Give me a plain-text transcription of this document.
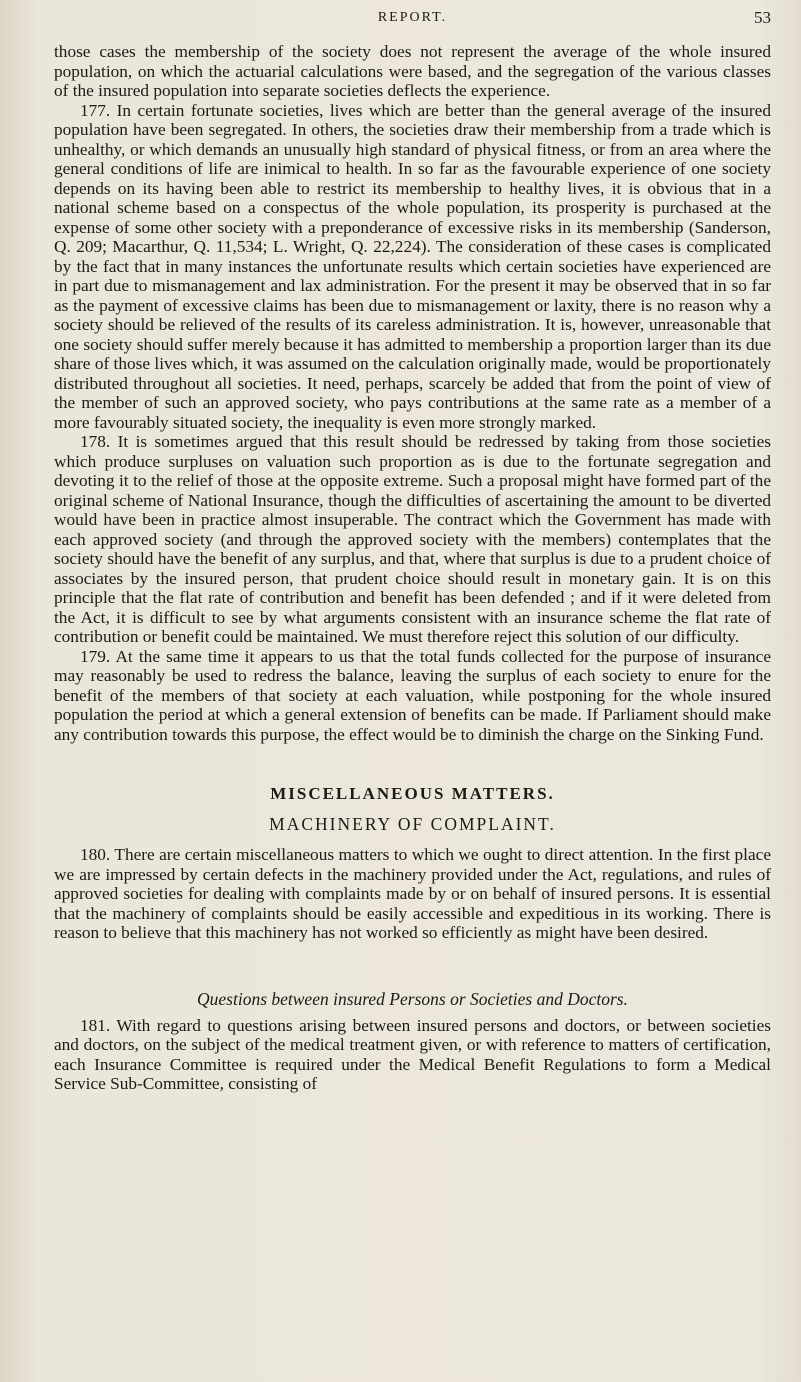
REPORT.	53

those cases the membership of the society does not represent the average of the whole insured population, on which the actuarial calculations were based, and the segregation of the various classes of the insured population into separate societies deflects the experience.

177. In certain fortunate societies, lives which are better than the general average of the insured population have been segregated. In others, the societies draw their membership from a trade which is unhealthy, or which demands an unusually high standard of physical fitness, or from an area where the general conditions of life are inimical to health. In so far as the favourable experience of one society depends on its having been able to restrict its membership to healthy lives, it is obvious that in a national scheme based on a conspectus of the whole population, its prosperity is purchased at the expense of some other society with a preponderance of excessive risks in its membership (Sanderson, Q. 209; Macarthur, Q. 11,534; L. Wright, Q. 22,224). The consideration of these cases is complicated by the fact that in many instances the unfortunate results which certain societies have experienced are in part due to mismanagement and lax administration. For the present it may be observed that in so far as the payment of excessive claims has been due to mismanagement or laxity, there is no reason why a society should be relieved of the results of its careless administration. It is, however, unreasonable that one society should suffer merely because it has admitted to membership a proportion larger than its due share of those lives which, it was assumed on the calculation originally made, would be proportionately distributed throughout all societies. It need, perhaps, scarcely be added that from the point of view of the member of such an approved society, who pays contributions at the same rate as a member of a more favourably situated society, the inequality is even more strongly marked.

178. It is sometimes argued that this result should be redressed by taking from those societies which produce surpluses on valuation such proportion as is due to the fortunate segregation and devoting it to the relief of those at the opposite extreme. Such a proposal might have formed part of the original scheme of National Insurance, though the difficulties of ascertaining the amount to be diverted would have been in practice almost insuperable. The contract which the Government has made with each approved society (and through the approved society with the members) contemplates that the society should have the benefit of any surplus, and that, where that surplus is due to a prudent choice of associates by the insured person, that prudent choice should result in monetary gain. It is on this principle that the flat rate of contribution and benefit has been defended ; and if it were deleted from the Act, it is difficult to see by what arguments consistent with an insurance scheme the flat rate of contribution or benefit could be maintained. We must therefore reject this solution of our difficulty.

179. At the same time it appears to us that the total funds collected for the purpose of insurance may reasonably be used to redress the balance, leaving the surplus of each society to enure for the benefit of the members of that society at each valuation, while postponing for the whole insured population the period at which a general extension of benefits can be made. If Parliament should make any contribution towards this purpose, the effect would be to diminish the charge on the Sinking Fund.

MISCELLANEOUS MATTERS.
MACHINERY OF COMPLAINT.

180. There are certain miscellaneous matters to which we ought to direct attention. In the first place we are impressed by certain defects in the machinery provided under the Act, regulations, and rules of approved societies for dealing with complaints made by or on behalf of insured persons. It is essential that the machinery of complaints should be easily accessible and expeditious in its working. There is reason to believe that this machinery has not worked so efficiently as might have been desired.

Questions between insured Persons or Societies and Doctors.

181. With regard to questions arising between insured persons and doctors, or between societies and doctors, on the subject of the medical treatment given, or with reference to matters of certification, each Insurance Committee is required under the Medical Benefit Regulations to form a Medical Service Sub-Committee, consisting of
